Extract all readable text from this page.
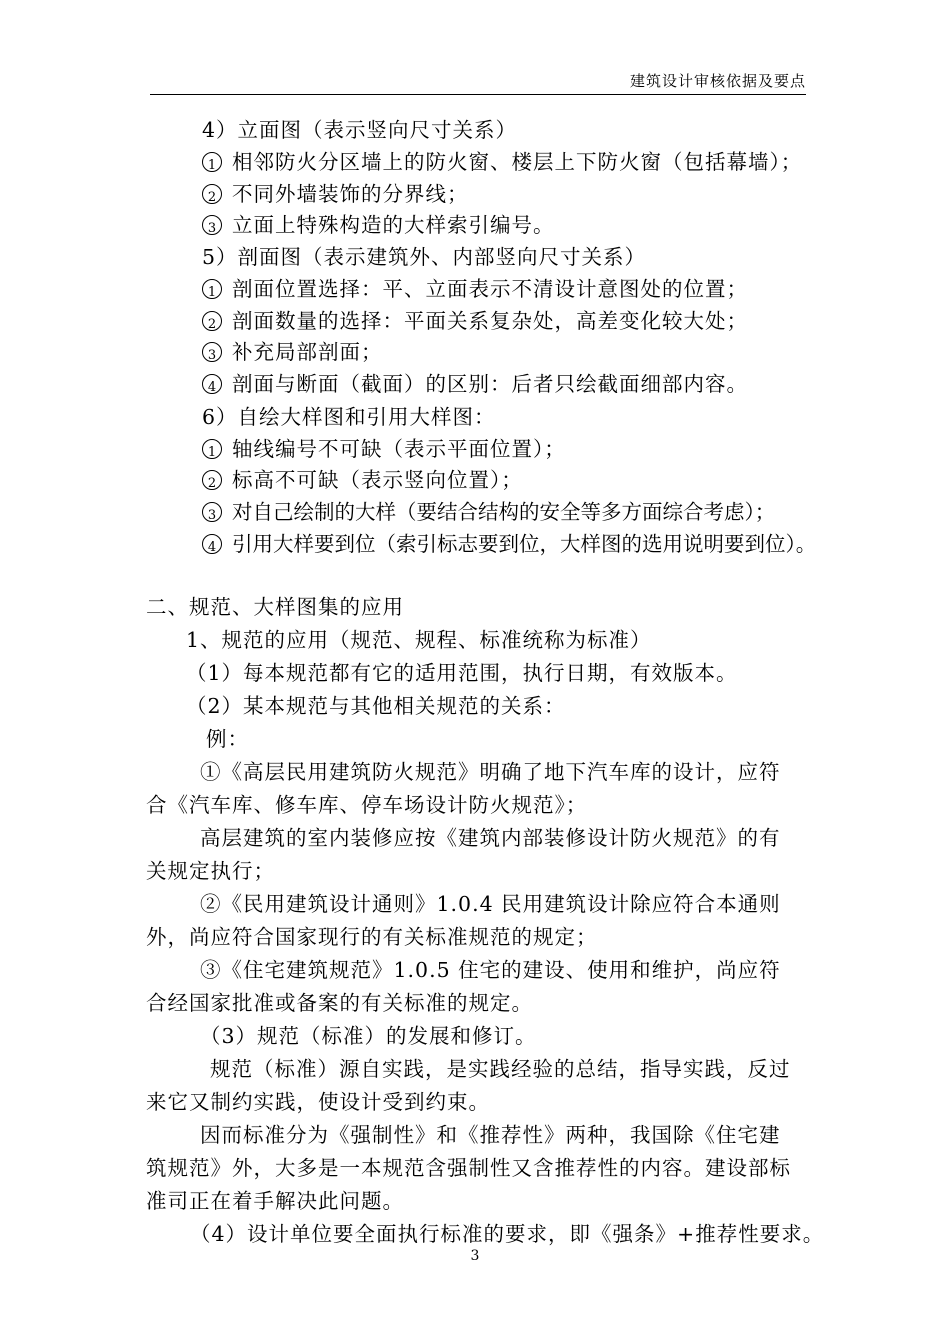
建筑设计审核依据及要点
4）立面图（表示竖向尺寸关系）
1 相邻防火分区墙上的防火窗、楼层上下防火窗（包括幕墙）；
2 不同外墙装饰的分界线；
3 立面上特殊构造的大样索引编号。
5）剖面图（表示建筑外、内部竖向尺寸关系）
1 剖面位置选择：平、立面表示不清设计意图处的位置；
2 剖面数量的选择：平面关系复杂处，高差变化较大处；
3 补充局部剖面；
4 剖面与断面（截面）的区别：后者只绘截面细部内容。
6）自绘大样图和引用大样图：
1 轴线编号不可缺（表示平面位置）；
2 标高不可缺（表示竖向位置）；
3 对自己绘制的大样（要结合结构的安全等多方面综合考虑）；
4 引用大样要到位（索引标志要到位，大样图的选用说明要到位）。
二、规范、大样图集的应用
1、规范的应用（规范、规程、标准统称为标准）
（1）每本规范都有它的适用范围，执行日期，有效版本。
（2）某本规范与其他相关规范的关系：
例：
①《高层民用建筑防火规范》明确了地下汽车库的设计，应符
合《汽车库、修车库、停车场设计防火规范》；
高层建筑的室内装修应按《建筑内部装修设计防火规范》的有
关规定执行；
②《民用建筑设计通则》1.0.4 民用建筑设计除应符合本通则
外，尚应符合国家现行的有关标准规范的规定；
③《住宅建筑规范》1.0.5 住宅的建设、使用和维护，尚应符
合经国家批准或备案的有关标准的规定。
（3）规范（标准）的发展和修订。
规范（标准）源自实践，是实践经验的总结，指导实践，反过
来它又制约实践，使设计受到约束。
因而标准分为《强制性》和《推荐性》两种，我国除《住宅建
筑规范》外，大多是一本规范含强制性又含推荐性的内容。建设部标
准司正在着手解决此问题。
（4）设计单位要全面执行标准的要求，即《强条》+推荐性要求。
3
